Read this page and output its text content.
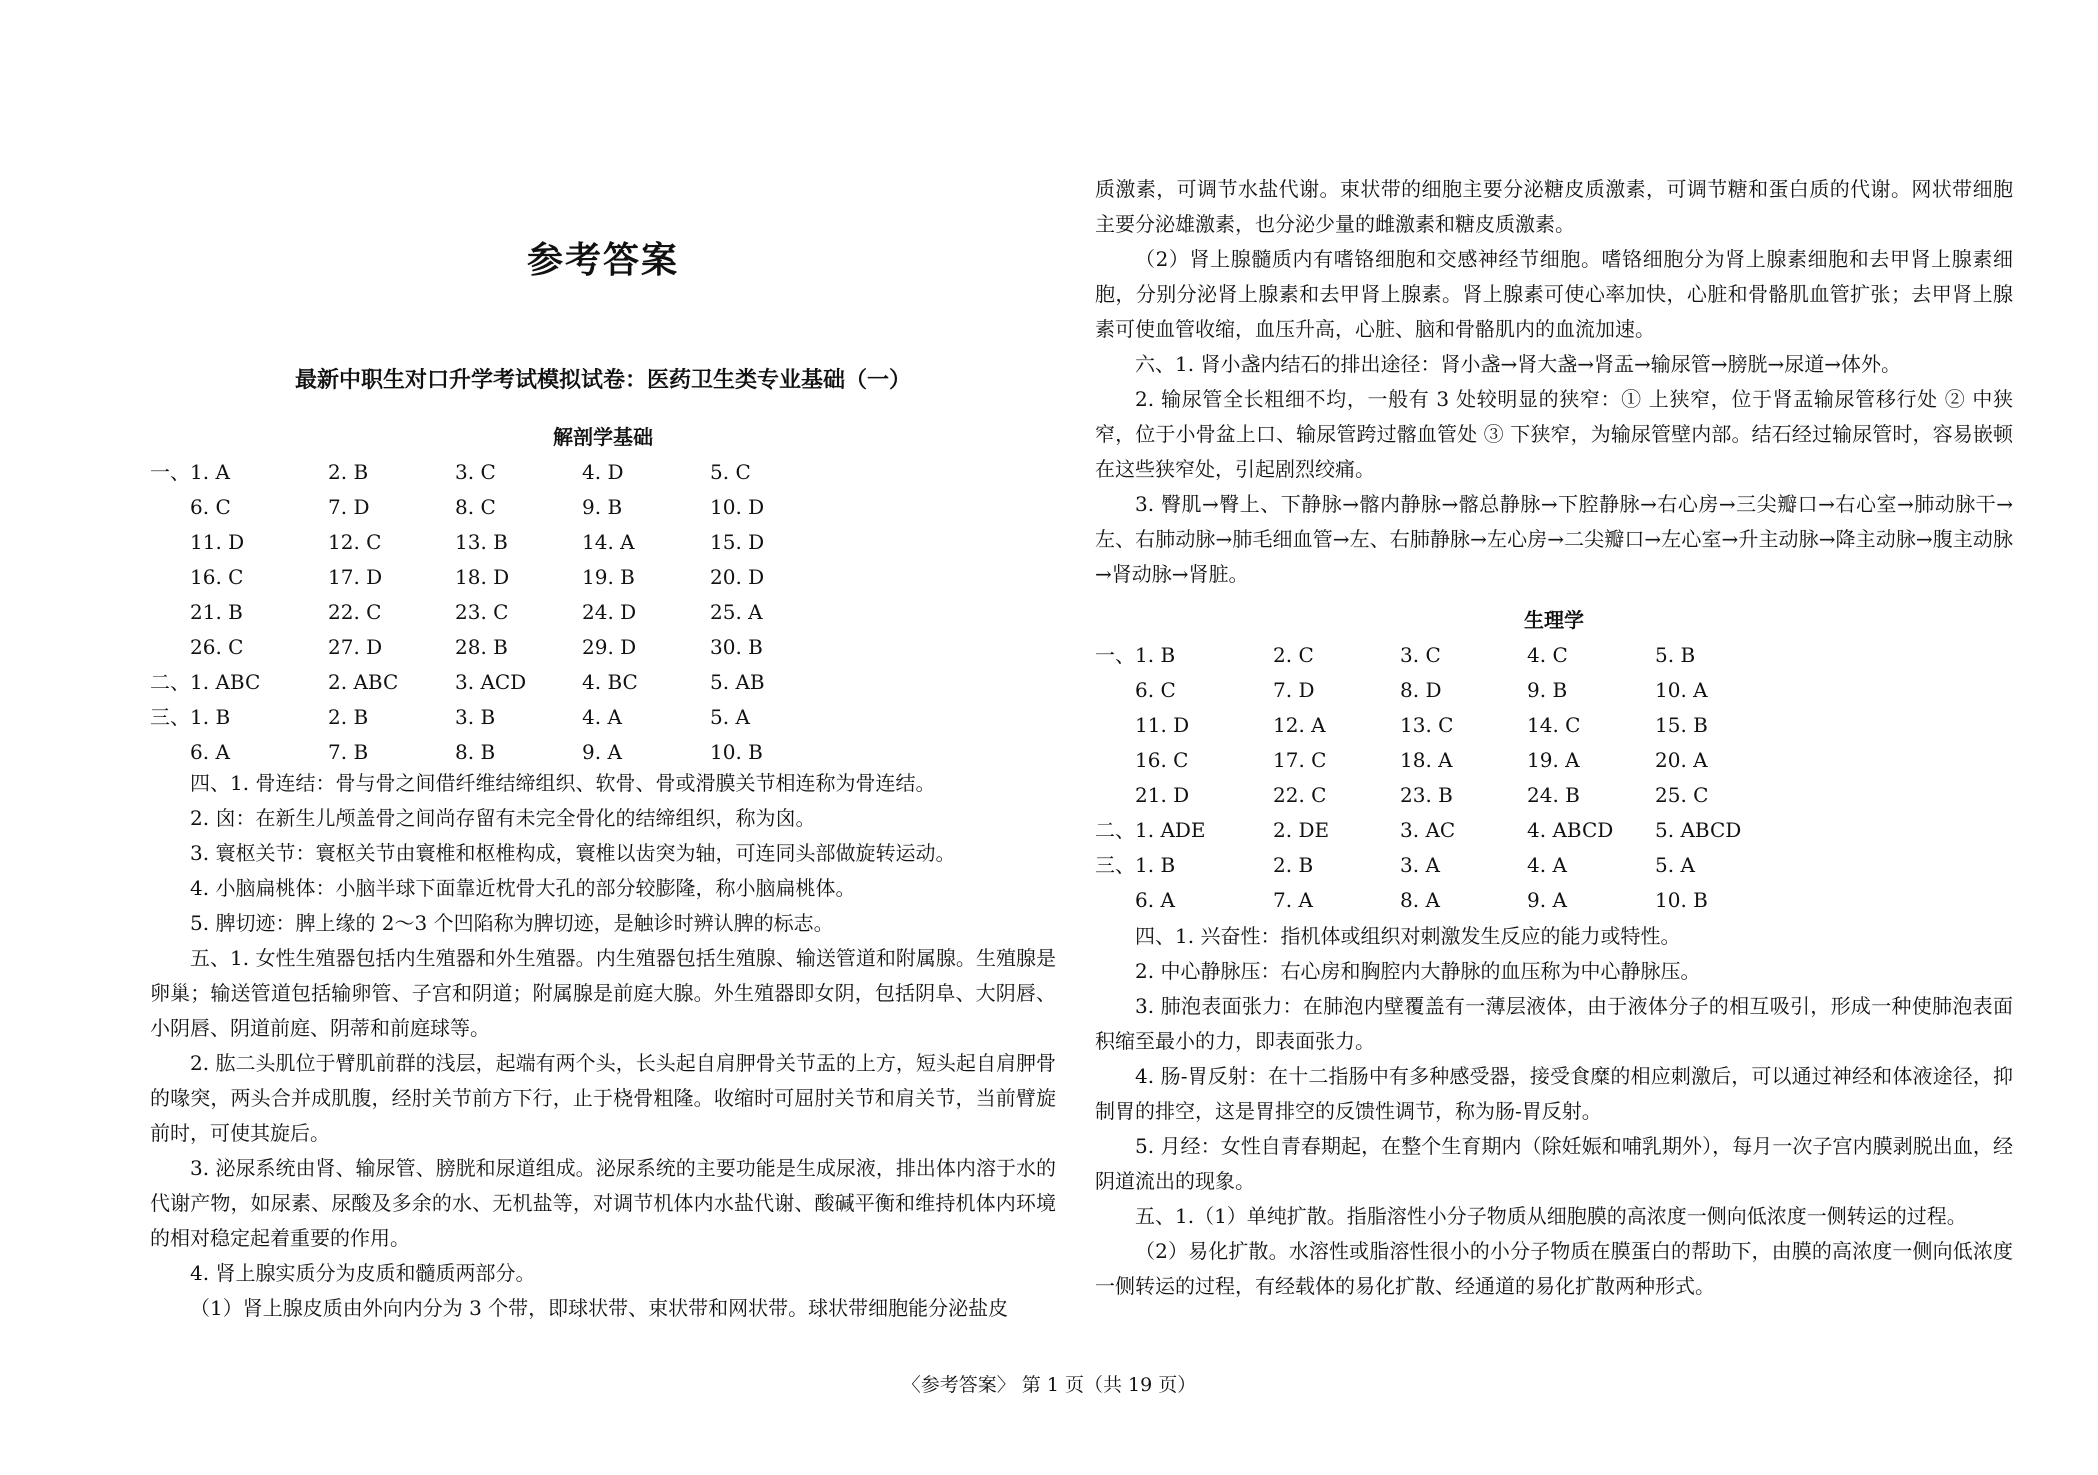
参考答案
最新中职生对口升学考试模拟试卷：医药卫生类专业基础（一）
解剖学基础
一、 1. A	2. B	3. C	4. D	5. C
6. C	7. D	8. C	9. B	10. D
11. D	12. C	13. B	14. A	15. D
16. C	17. D	18. D	19. B	20. D
21. B	22. C	23. C	24. D	25. A
26. C	27. D	28. B	29. D	30. B
二、 1. ABC	2. ABC	3. ACD	4. BC	5. AB
三、 1. B	2. B	3. B	4. A	5. A
6. A	7. B	8. B	9. A	10. B

四、1. 骨连结：骨与骨之间借纤维结缔组织、软骨、骨或滑膜关节相连称为骨连结。

2. 囟：在新生儿颅盖骨之间尚存留有未完全骨化的结缔组织，称为囟。

3. 寰枢关节：寰枢关节由寰椎和枢椎构成，寰椎以齿突为轴，可连同头部做旋转运动。

4. 小脑扁桃体：小脑半球下面靠近枕骨大孔的部分较膨隆，称小脑扁桃体。

5. 脾切迹：脾上缘的 2～3 个凹陷称为脾切迹，是触诊时辨认脾的标志。

五、1. 女性生殖器包括内生殖器和外生殖器。内生殖器包括生殖腺、输送管道和附属腺。生殖腺是卵巢；输送管道包括输卵管、子宫和阴道；附属腺是前庭大腺。外生殖器即女阴，包括阴阜、大阴唇、小阴唇、阴道前庭、阴蒂和前庭球等。

2. 肱二头肌位于臂肌前群的浅层，起端有两个头，长头起自肩胛骨关节盂的上方，短头起自肩胛骨的喙突，两头合并成肌腹，经肘关节前方下行，止于桡骨粗隆。收缩时可屈肘关节和肩关节，当前臂旋前时，可使其旋后。

3. 泌尿系统由肾、输尿管、膀胱和尿道组成。泌尿系统的主要功能是生成尿液，排出体内溶于水的代谢产物，如尿素、尿酸及多余的水、无机盐等，对调节机体内水盐代谢、酸碱平衡和维持机体内环境的相对稳定起着重要的作用。

4. 肾上腺实质分为皮质和髓质两部分。

（1）肾上腺皮质由外向内分为 3 个带，即球状带、束状带和网状带。球状带细胞能分泌盐皮

质激素，可调节水盐代谢。束状带的细胞主要分泌糖皮质激素，可调节糖和蛋白质的代谢。网状带细胞主要分泌雄激素，也分泌少量的雌激素和糖皮质激素。

（2）肾上腺髓质内有嗜铬细胞和交感神经节细胞。嗜铬细胞分为肾上腺素细胞和去甲肾上腺素细胞，分别分泌肾上腺素和去甲肾上腺素。肾上腺素可使心率加快，心脏和骨骼肌血管扩张；去甲肾上腺素可使血管收缩，血压升高，心脏、脑和骨骼肌内的血流加速。

六、1. 肾小盏内结石的排出途径：肾小盏→肾大盏→肾盂→输尿管→膀胱→尿道→体外。

2. 输尿管全长粗细不均，一般有 3 处较明显的狭窄：① 上狭窄，位于肾盂输尿管移行处 ② 中狭窄，位于小骨盆上口、输尿管跨过髂血管处 ③ 下狭窄，为输尿管壁内部。结石经过输尿管时，容易嵌顿在这些狭窄处，引起剧烈绞痛。

3. 臀肌→臀上、下静脉→髂内静脉→髂总静脉→下腔静脉→右心房→三尖瓣口→右心室→肺动脉干→左、右肺动脉→肺毛细血管→左、右肺静脉→左心房→二尖瓣口→左心室→升主动脉→降主动脉→腹主动脉→肾动脉→肾脏。

生理学
一、 1. B	2. C	3. C	4. C	5. B
6. C	7. D	8. D	9. B	10. A
11. D	12. A	13. C	14. C	15. B
16. C	17. C	18. A	19. A	20. A
21. D	22. C	23. B	24. B	25. C
二、 1. ADE	2. DE	3. AC	4. ABCD 5. ABCD
三、 1. B	2. B	3. A	4. A	5. A
6. A	7. A	8. A	9. A	10. B

四、1. 兴奋性：指机体或组织对刺激发生反应的能力或特性。

2. 中心静脉压：右心房和胸腔内大静脉的血压称为中心静脉压。

3. 肺泡表面张力：在肺泡内壁覆盖有一薄层液体，由于液体分子的相互吸引，形成一种使肺泡表面积缩至最小的力，即表面张力。

4. 肠-胃反射：在十二指肠中有多种感受器，接受食糜的相应刺激后，可以通过神经和体液途径，抑制胃的排空，这是胃排空的反馈性调节，称为肠-胃反射。

5. 月经：女性自青春期起，在整个生育期内（除妊娠和哺乳期外），每月一次子宫内膜剥脱出血，经阴道流出的现象。

五、1.（1）单纯扩散。指脂溶性小分子物质从细胞膜的高浓度一侧向低浓度一侧转运的过程。

（2）易化扩散。水溶性或脂溶性很小的小分子物质在膜蛋白的帮助下，由膜的高浓度一侧向低浓度一侧转运的过程，有经载体的易化扩散、经通道的易化扩散两种形式。

〈参考答案〉 第 1 页（共 19 页）
